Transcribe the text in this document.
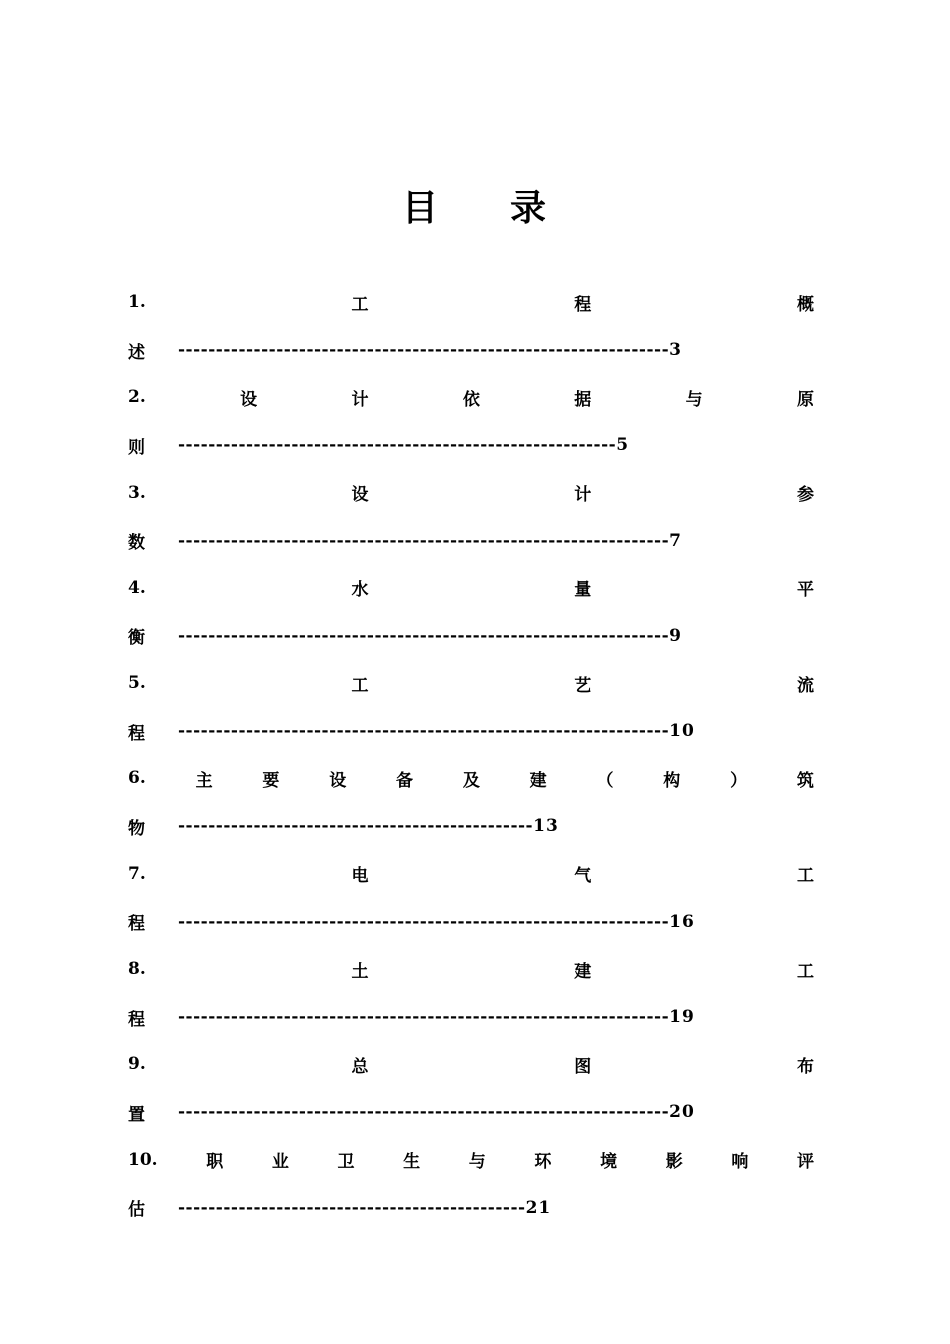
目 录
1.	工	程	概
述	----------------------------------------------------------------- 3
2.	设	计	依	据	与	原
则	---------------------------------------------------------- 5
3.	设	计	参
数	----------------------------------------------------------------- 7
4.	水	量	平
衡	----------------------------------------------------------------- 9
5.	工	艺	流
程	----------------------------------------------------------------- 10
6.	主	要	设	备	及	建	（	构	）	筑
物	----------------------------------------------- 13
7.	电	气	工
程	----------------------------------------------------------------- 16
8.	土	建	工
程	----------------------------------------------------------------- 19
9.	总	图	布
置	----------------------------------------------------------------- 20
10.	职	业	卫	生	与	环	境	影	响	评
估	---------------------------------------------- 21
